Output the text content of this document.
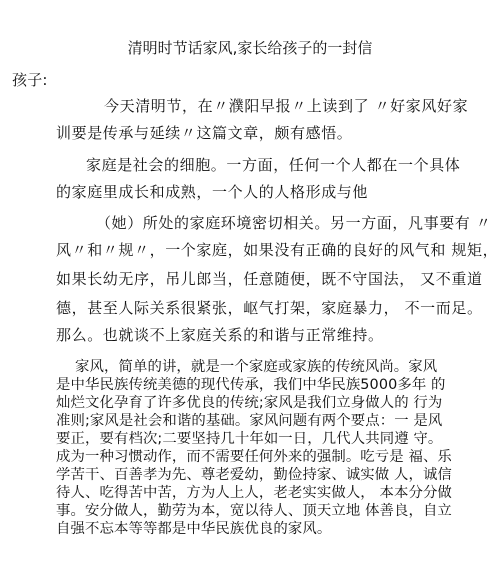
清明时节话家风,家长给孩子的一封信
孩子:
今天清明节，在〃濮阳早报〃上读到了 〃好家风好家
训要是传承与延续〃这篇文章，颇有感悟。
家庭是社会的细胞。一方面，任何一个人都在一个具体
的家庭里成长和成熟，一个人的人格形成与他
（她）所处的家庭环境密切相关。另一方面，凡事要有 〃
风〃和〃规〃，一个家庭，如果没有正确的良好的风气和 规矩，
如果长幼无序，吊儿郎当，任意随便，既不守国法， 又不重道
德，甚至人际关系很紧张，岖气打架，家庭暴力， 不一而足。
那么。也就谈不上家庭关系的和谐与正常维持。
家风，简单的讲，就是一个家庭或家族的传统风尚。家风
是中华民族传统美德的现代传承，我们中华民族5000多年 的
灿烂文化孕育了许多优良的传统;家风是我们立身做人的 行为
准则;家风是社会和谐的基础。家风问题有两个要点：一 是风
要正，要有档次;二要坚持几十年如一日，几代人共同遵 守。
成为一种习惯动作，而不需要任何外来的强制。吃亏是 福、乐
学苦干、百善孝为先、尊老爱幼，勤俭持家、诚实做 人，诚信
待人、吃得苦中苦，方为人上人，老老实实做人， 本本分分做
事。安分做人，勤劳为本，宽以待人、顶天立地 体善良，自立
自强不忘本等等都是中华民族优良的家风。
